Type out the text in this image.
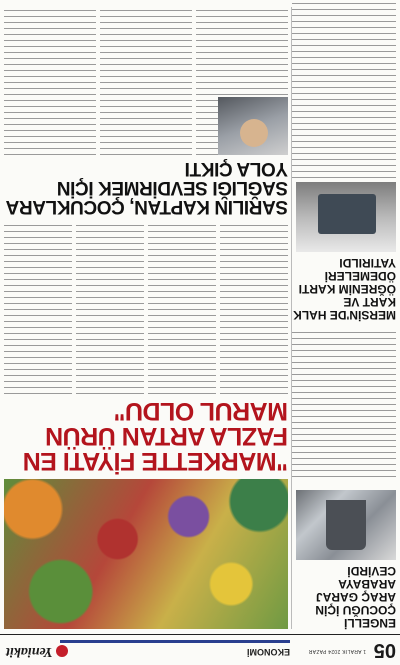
05
1 ARALIK 2024 PAZAR
EKONOMİ
Yeniakit
ENGELLİ ÇOCUĞU İÇİN ARAÇ GARAJ ARABAYA CEVİRDİ

MERSİN'DE HALK KART VE ÖĞRENİM KARTI ÖDEMELERİ YATIRILDI
"MARKETTE FİYATI EN FAZLA ARTAN ÜRÜN MARUL OLDU"
SARILIN KAPTAN, ÇOCUKLARA SAĞLIĞI SEVDİRMEK İÇİN YOLA ÇIKTI
